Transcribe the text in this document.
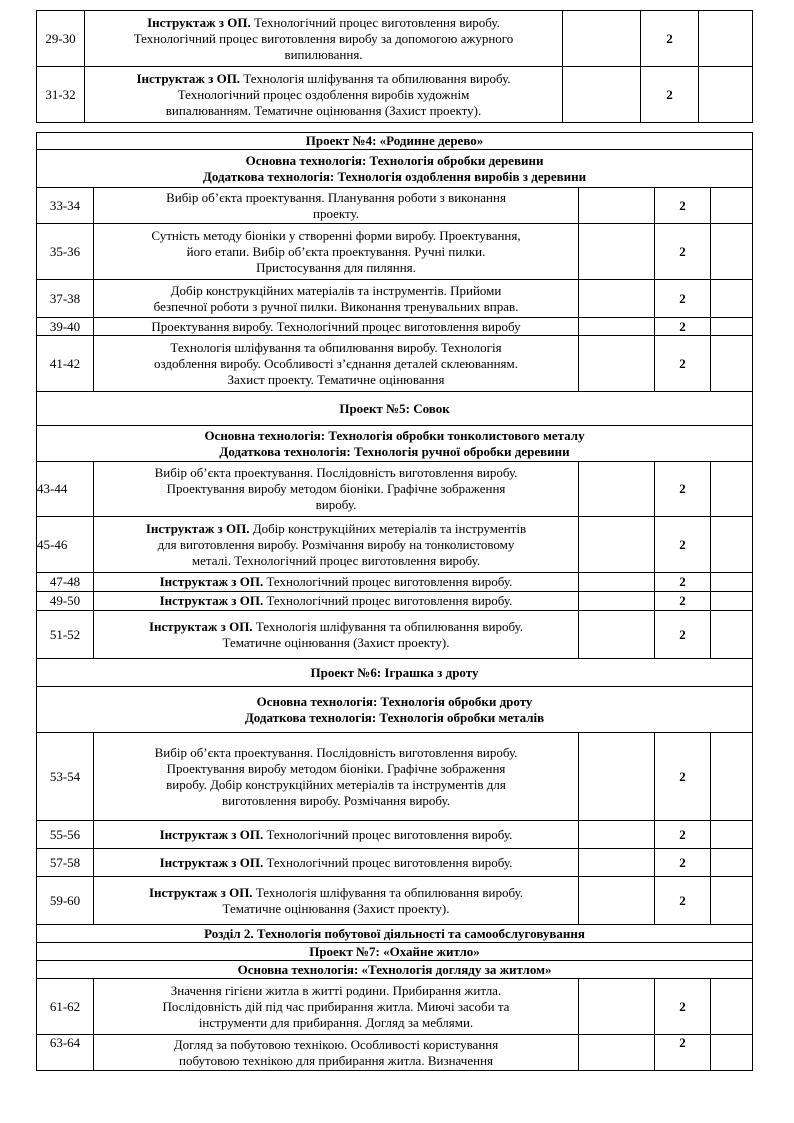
29-30	Інструктаж з ОП. Технологічний процес виготовлення виробу.
Технологічний процес виготовлення виробу за допомогою ажурного
випилювання.		2	
31-32	Інструктаж з ОП. Технологія шліфування та обпилювання виробу.
Технологічний процес оздоблення виробів художнім
випалюванням. Тематичне оцінювання (Захист проекту).		2	
Проект №4: «Родинне дерево»				

Основна технологія: Технологія обробки деревини
Додаткова технологія: Технологія оздоблення виробів з деревини				

33-34	Вибір об’єкта проектування. Планування роботи з виконання
проекту.		2	
35-36	Сутність методу біоніки у створенні форми виробу. Проектування,
його етапи. Вибір об’єкта проектування. Ручні пилки.
Пристосування для пиляння.		2	
37-38	Добір конструкційних матеріалів та інструментів. Прийоми
безпечної роботи з ручної пилки. Виконання тренувальних вправ.		2	
39-40	Проектування виробу. Технологічний процес виготовлення виробу		2	
41-42	Технологія шліфування та обпилювання виробу. Технологія
оздоблення виробу. Особливості з’єднання деталей склеюванням.
Захист проекту. Тематичне оцінювання		2	
Проект №5: Совок				

Основна технологія: Технологія обробки тонколистового металу
Додаткова технологія: Технологія ручної обробки деревини				

43-44	Вибір об’єкта проектування. Послідовність виготовлення виробу.
Проектування виробу методом біоніки. Графічне зображення
виробу.		2	
45-46	Інструктаж з ОП. Добір конструкційних метеріалів та інструментів
для виготовлення виробу. Розмічання виробу на тонколистовому
металі. Технологічний процес виготовлення виробу.		2	
47-48	Інструктаж з ОП. Технологічний процес виготовлення виробу.		2	
49-50	Інструктаж з ОП. Технологічний процес виготовлення виробу.		2	
51-52	Інструктаж з ОП. Технологія шліфування та обпилювання виробу.
Тематичне оцінювання (Захист проекту).		2	
Проект №6: Іграшка з дроту				

Основна технологія: Технологія обробки дроту
Додаткова технологія: Технологія обробки металів				

53-54	Вибір об’єкта проектування. Послідовність виготовлення виробу.
Проектування виробу методом біоніки. Графічне зображення
виробу. Добір конструкційних метеріалів та інструментів для
виготовлення виробу. Розмічання виробу.		2	
55-56	Інструктаж з ОП. Технологічний процес виготовлення виробу.		2	
57-58	Інструктаж з ОП. Технологічний процес виготовлення виробу.		2	
59-60	Інструктаж з ОП. Технологія шліфування та обпилювання виробу.
Тематичне оцінювання (Захист проекту).		2	
Розділ 2. Технологія побутової діяльності та самообслуговування				
Проект №7: «Охайне житло»				
Основна технологія: «Технологія догляду за житлом»				
61-62	Значення гігієни житла в житті родини. Прибирання житла.
Послідовність дій під час прибирання житла. Миючі засоби та
інструменти для прибирання. Догляд за меблями.		2	
63-64	Догляд за побутовою технікою. Особливості користування
побутовою технікою для прибирання житла. Визначення		2	
